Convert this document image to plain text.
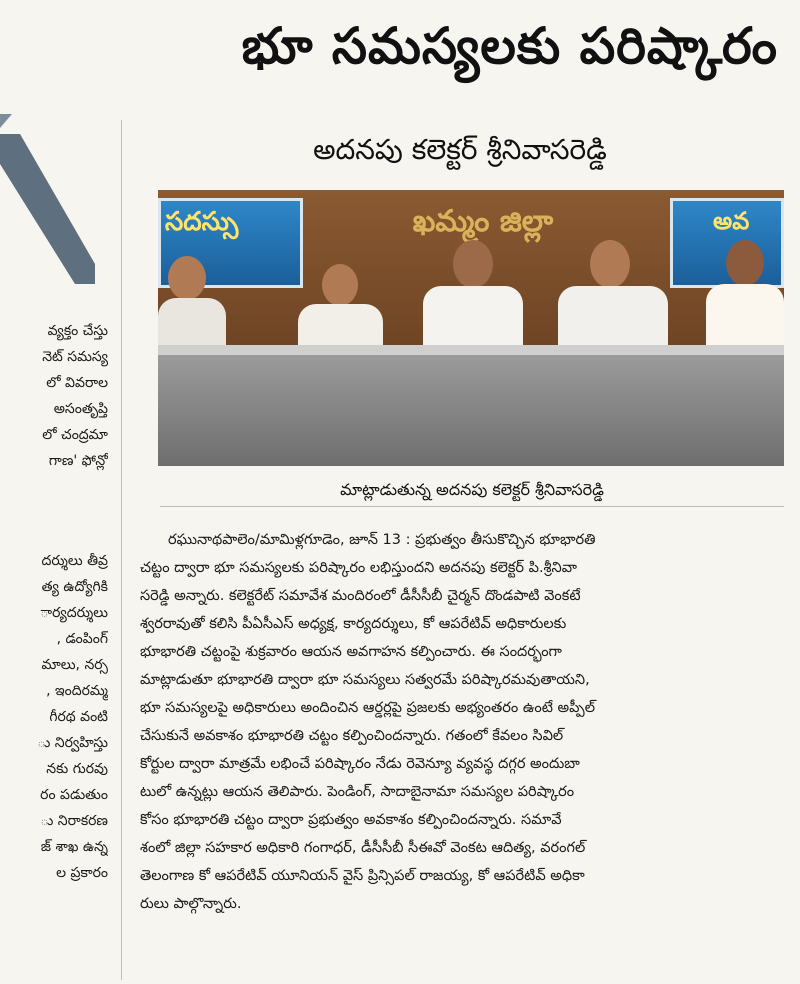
భూ సమస్యలకు పరిష్కారం
వ్యక్తం చేస్తు
నెట్ సమస్య
లో వివరాల
అసంతృప్తి
లో చంద్రమా
గాణ' ఫోన్లో
దర్శులు తీవ్ర
త్య ఉద్యోగికి
ార్యదర్శులు
, డంపింగ్
మాలు, నర్స
, ఇందిరమ్మ
గీరథ వంటి
ు నిర్వహిస్తు
నకు గురవు
రం పడుతుం
ు నిరాకరణ
జ్ శాఖ ఉన్న
ల ప్రకారం
అదనపు కలెక్టర్ శ్రీనివాసరెడ్డి
సదస్సు	ఖమ్మం జిల్లా	అవ
మాట్లాడుతున్న అదనపు కలెక్టర్ శ్రీనివాసరెడ్డి
రఘునాథపాలెం/మామిళ్లగూడెం, జూన్ 13 : ప్రభుత్వం తీసుకొచ్చిన భూభారతి
చట్టం ద్వారా భూ సమస్యలకు పరిష్కారం లభిస్తుందని అదనపు కలెక్టర్ పి.శ్రీనివా
సరెడ్డి అన్నారు. కలెక్టరేట్ సమావేశ మందిరంలో డీసీసీబీ చైర్మన్ దొండపాటి వెంకటే
శ్వరరావుతో కలిసి పీఏసీఎస్ అధ్యక్ష, కార్యదర్శులు, కో ఆపరేటివ్ అధికారులకు
భూభారతి చట్టంపై శుక్రవారం ఆయన అవగాహన కల్పించారు. ఈ సందర్భంగా
మాట్లాడుతూ భూభారతి ద్వారా భూ సమస్యలు సత్వరమే పరిష్కారమవుతాయని,
భూ సమస్యలపై అధికారులు అందించిన ఆర్డర్లపై ప్రజలకు అభ్యంతరం ఉంటే అప్పీల్
చేసుకునే అవకాశం భూభారతి చట్టం కల్పించిందన్నారు. గతంలో కేవలం సివిల్
కోర్టుల ద్వారా మాత్రమే లభించే పరిష్కారం నేడు రెవెన్యూ వ్యవస్థ దగ్గర అందుబా
టులో ఉన్నట్లు ఆయన తెలిపారు. పెండింగ్, సాదాబైనామా సమస్యల పరిష్కారం
కోసం భూభారతి చట్టం ద్వారా ప్రభుత్వం అవకాశం కల్పించిందన్నారు. సమావే
శంలో జిల్లా సహకార అధికారి గంగాధర్, డీసీసీబీ సీఈవో వెంకట ఆదిత్య, వరంగల్
తెలంగాణ కో ఆపరేటివ్ యూనియన్ వైస్ ప్రిన్సిపల్ రాజయ్య, కో ఆపరేటివ్ అధికా
రులు పాల్గొన్నారు.
